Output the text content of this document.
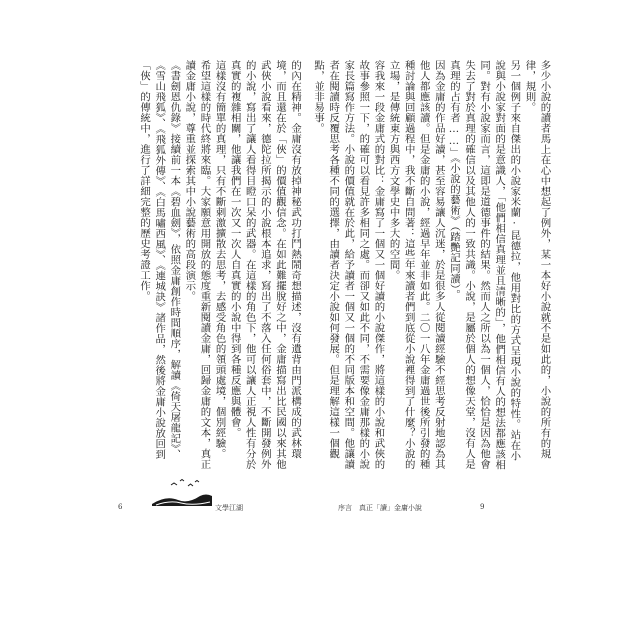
的內在精神。金庸沒有放掉神秘武功打鬥熱鬧奇想描述，沒有遺背由門派構成的武林環境，而且還在於「俠」的價值觀信念。在如此難擺脫好之中，金庸描寫出比民國以來其他武俠小說看來，德陀拉所揭示的小說根本追求，寫出了不落入任何俗套中，不斷開發例外的小說，寫出了讓人看得目瞪口呆的武器。在這樣的角色下，他可以讓人正視人性有分於真實的複雜相關，他讓我們在一次又一次人自真實的小說中得到各種反應與體會。

這樣沒有簡單的真理，只有不斷刺激擴散去思考，去感受角色的領頭處境，個別經驗。

希望這樣的時代終將來臨。大家願意用開放的態度重新閱讀金庸，回歸金庸的文本，真正讀金庸小說，尊重並探索其中小說藝術的高段演示。

《書劍恩仇錄》接續前一本《碧血劍》，依照金庸創作時間順序，解讀《倚天屠龍記》、《雪山飛狐》、《飛狐外傳》、《白馬嘯西風》、《連城訣》諸作品，然後將金庸小說放回到「俠」的傳統中，進行了詳細完整的歷史考證工作。	多少小說的讀者馬上在心中想起了例外，某一本好小說就不是如此的，小說的所有的規律，規則。

另一個例子來自傑出的小說家米蘭·昆德拉，他用對比的方式呈現小說的特性。站在小說與小說家對面的是意識人，「他們相信真理並且清晰的」，他們相信有人的想法都應該相同。對有小說家而言，這即是道德事件的結果。然而人之所以為一個人，恰恰是因為他會失去了對於真理的確信以及其他人的一致共識。小說，是屬於個人的想像天堂，沒有人是真理的占有者……」《小說的藝術》（踏艷記同讀）。

因為金庸的作品好讀，甚至容易讓人沉迷，於是很多人從閱讀經驗不經思考反射地認為其他人都應該讀。但是金庸的小說，經過早年並非如此。二〇一八年金庸過世後所引發的種種討論與回顧過程中，我不斷自問著：這些年來讀者們到底從小說裡得到了什麼？小說的立場，是傳統東方與西方文學史中多大的空間。

容我來一段金庸式的對比：金庸寫了一個又一個好讀的小說傑作，將這樣的小說和武俠的故事參照一下，的確可以看見許多相同之處。而卻又如此不同，不需要像金庸那樣的小說家長篇寫作方法。小說的價值就在於此，給予讀者一個又一個的不同版本和空間。他讓讀者在閱讀時反覆思考各種不同的選擇，由讀者決定小說如何發展。但是理解這樣一個觀點，並非易事。

6	文學江湖	序言　真正「讀」金庸小說	9
